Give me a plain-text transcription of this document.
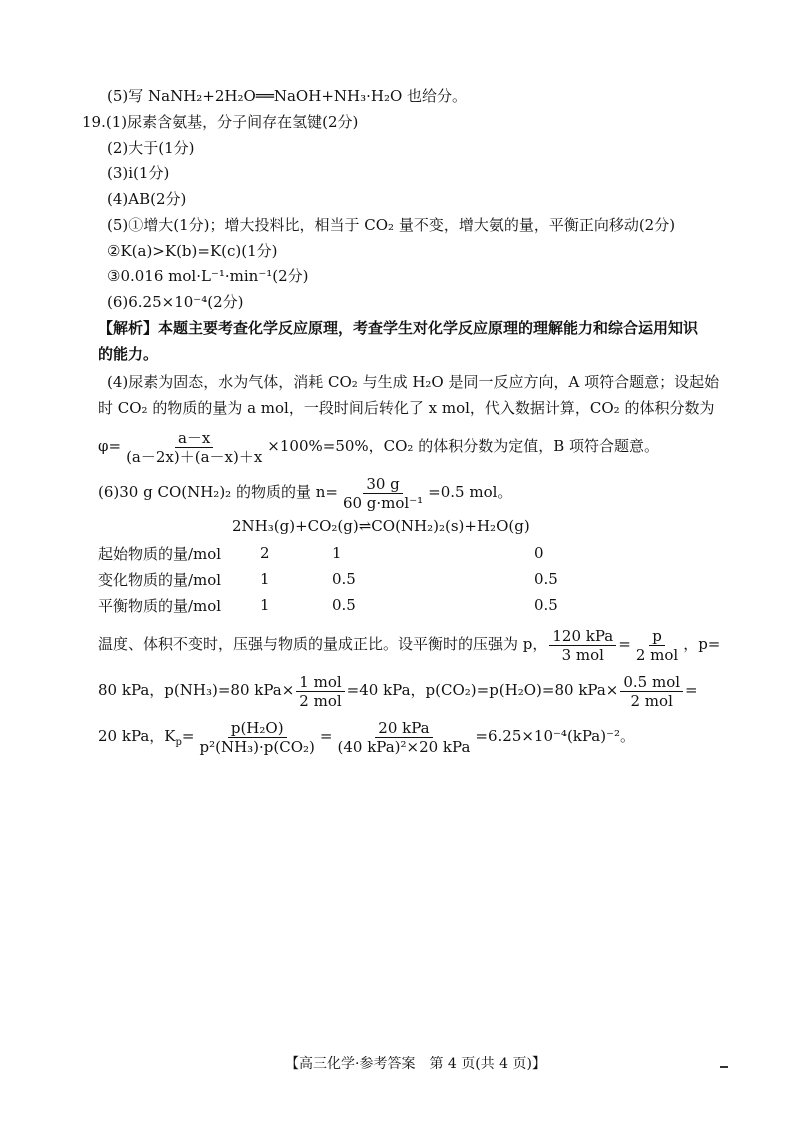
(5)写 NaNH₂+2H₂O══NaOH+NH₃·H₂O 也给分。
19.(1)尿素含氨基，分子间存在氢键(2分)
(2)大于(1分)
(3)ⅰ(1分)
(4)AB(2分)
(5)①增大(1分)；增大投料比，相当于 CO₂ 量不变，增大氨的量，平衡正向移动(2分)
②K(a)>K(b)=K(c)(1分)
③0.016 mol·L⁻¹·min⁻¹(2分)
(6)6.25×10⁻⁴(2分)
【解析】本题主要考查化学反应原理，考查学生对化学反应原理的理解能力和综合运用知识
的能力。
(4)尿素为固态，水为气体，消耗 CO₂ 与生成 H₂O 是同一反应方向，A 项符合题意；设起始
时 CO₂ 的物质的量为 a mol，一段时间后转化了 x mol，代入数据计算，CO₂ 的体积分数为
$\varphi= \frac{a-x}{(a-2x)+(a-x)+x} \times 100\%=50\%$，CO₂ 的体积分数为定值，B 项符合题意。
(6)30 g CO(NH₂)₂ 的物质的量 $n= \frac{30 g}{\text{60 g·mol⁻¹}} =0.5$ mol。
2NH₃(g)+CO₂(g)⇌CO(NH₂)₂(s)+H₂O(g)
起始物质的量/mol	2	1	0
变化物质的量/mol	1	0.5	0.5
平衡物质的量/mol	1	0.5	0.5
温度、体积不变时，压强与物质的量成正比。设平衡时的压强为 p， $\frac{\text{120 kPa}}{\text{3 mol}} = \frac{p}{\text{2 mol}}$ ，p=
80 kPa，p(NH₃)=80 $kPa\times \frac{\text{1 mol}}{\text{2 mol}} =40$ kPa，p(CO₂)=p(H₂O)=80 $kPa\times \frac{\text{0.5 mol}}{\text{2 mol}}$ =
20 kPa，$K_p= \frac{\text{p(H₂O)}}{\text{p²(NH₃)·p(CO₂)}} = \frac{\text{20 kPa}}{\text{(40 kPa)²×20 kPa}} =6.25\times 10^{-4}(kPa)^{-2}$。
【高三化学·参考答案　第 4 页(共 4 页)】
